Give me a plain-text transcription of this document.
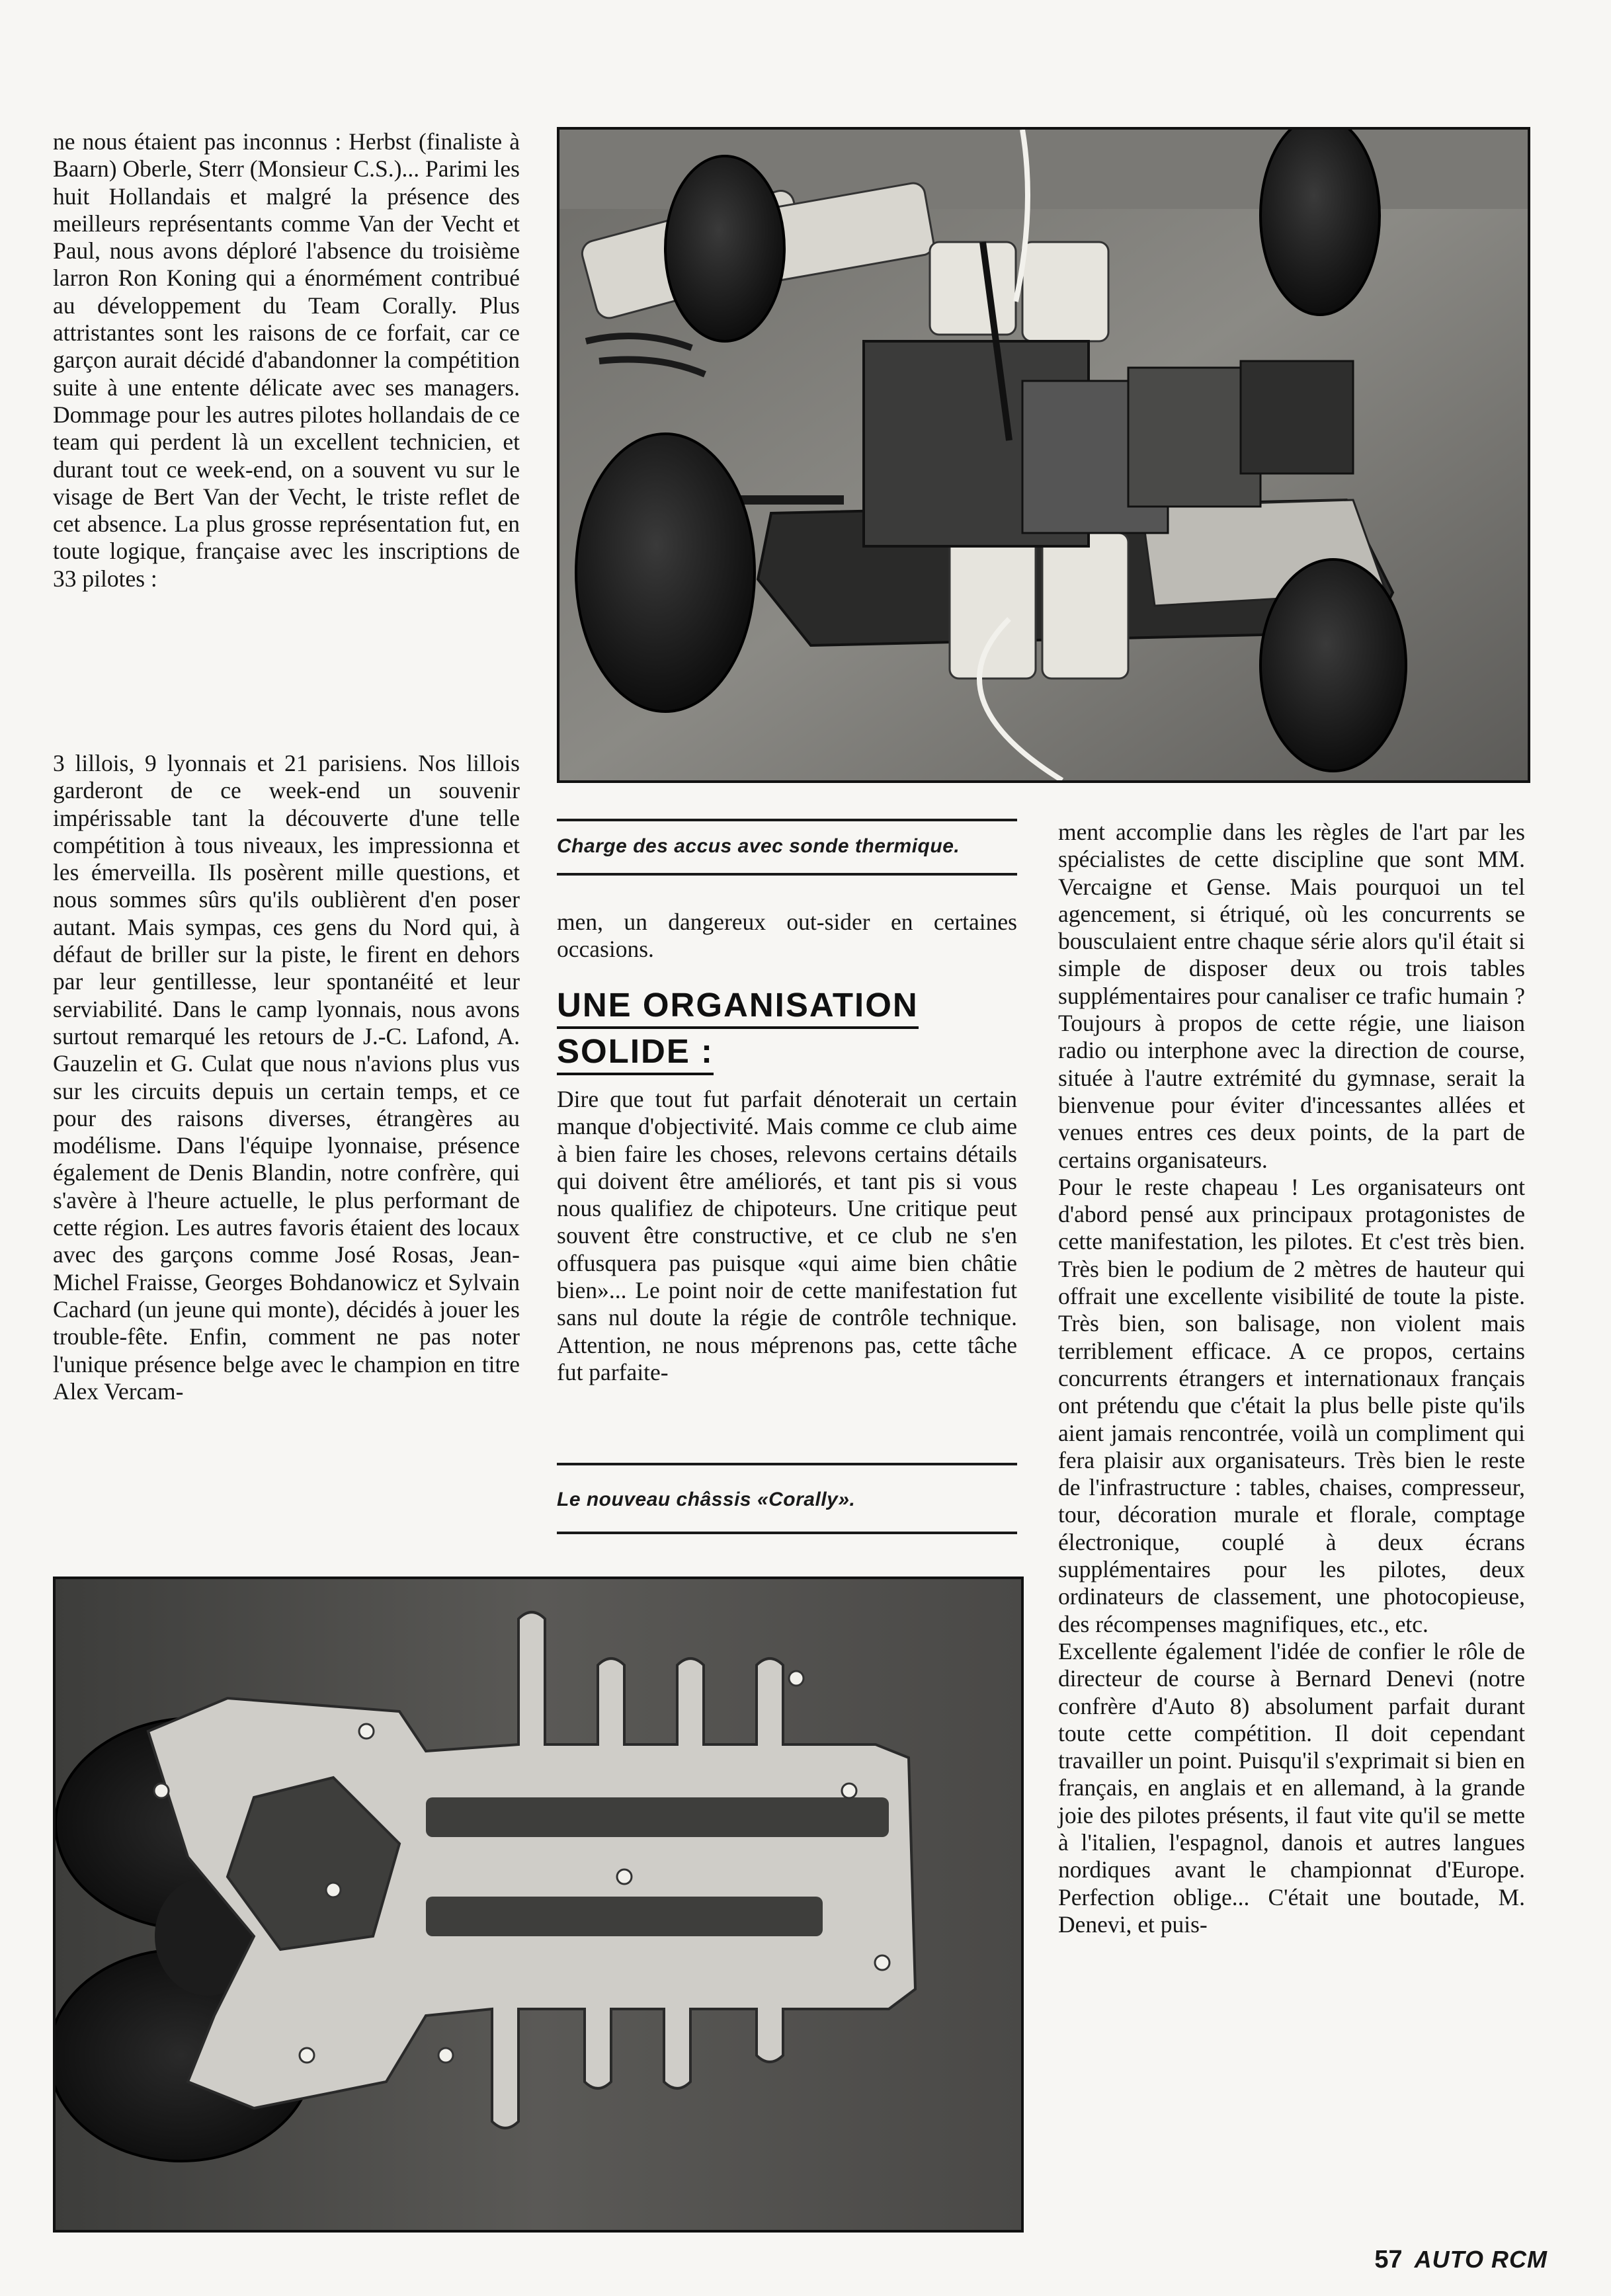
ne nous étaient pas inconnus : Herbst (finaliste à Baarn) Oberle, Sterr (Monsieur C.S.)... Parimi les huit Hollandais et malgré la présence des meilleurs représentants comme Van der Vecht et Paul, nous avons déploré l'absence du troisième larron Ron Koning qui a énormément contribué au développement du Team Corally. Plus attristantes sont les raisons de ce forfait, car ce garçon aurait décidé d'abandonner la compétition suite à une entente délicate avec ses managers. Dommage pour les autres pilotes hollandais de ce team qui perdent là un excellent technicien, et durant tout ce week-end, on a souvent vu sur le visage de Bert Van der Vecht, le triste reflet de cet absence. La plus grosse représentation fut, en toute logique, française avec les inscriptions de 33 pilotes :

3 lillois, 9 lyonnais et 21 parisiens. Nos lillois garderont de ce week-end un souvenir impérissable tant la découverte d'une telle compétition à tous niveaux, les impressionna et les émerveilla. Ils posèrent mille questions, et nous sommes sûrs qu'ils oublièrent d'en poser autant. Mais sympas, ces gens du Nord qui, à défaut de briller sur la piste, le firent en dehors par leur gentillesse, leur spontanéité et leur serviabilité. Dans le camp lyonnais, nous avons surtout remarqué les retours de J.-C. Lafond, A. Gauzelin et G. Culat que nous n'avions plus vus sur les circuits depuis un certain temps, et ce pour des raisons diverses, étrangères au modélisme. Dans l'équipe lyonnaise, présence également de Denis Blandin, notre confrère, qui s'avère à l'heure actuelle, le plus performant de cette région. Les autres favoris étaient des locaux avec des garçons comme José Rosas, Jean-Michel Fraisse, Georges Bohdanowicz et Sylvain Cachard (un jeune qui monte), décidés à jouer les trouble-fête. Enfin, comment ne pas noter l'unique présence belge avec le champion en titre Alex Vercam-

Charge des accus avec sonde thermique.

men, un dangereux out-sider en certaines occasions.

UNE ORGANISATION
SOLIDE :

Dire que tout fut parfait dénoterait un certain manque d'objectivité. Mais comme ce club aime à bien faire les choses, relevons certains détails qui doivent être améliorés, et tant pis si vous nous qualifiez de chipoteurs. Une critique peut souvent être constructive, et ce club ne s'en offusquera pas puisque «qui aime bien châtie bien»... Le point noir de cette manifestation fut sans nul doute la régie de contrôle technique. Attention, ne nous méprenons pas, cette tâche fut parfaite-

Le nouveau châssis «Corally».

ment accomplie dans les règles de l'art par les spécialistes de cette discipline que sont MM. Vercaigne et Gense. Mais pourquoi un tel agencement, si étriqué, où les concurrents se bousculaient entre chaque série alors qu'il était si simple de disposer deux ou trois tables supplémentaires pour canaliser ce trafic humain ? Toujours à propos de cette régie, une liaison radio ou interphone avec la direction de course, située à l'autre extrémité du gymnase, serait la bienvenue pour éviter d'incessantes allées et venues entres ces deux points, de la part de certains organisateurs.

Pour le reste chapeau ! Les organisateurs ont d'abord pensé aux principaux protagonistes de cette manifestation, les pilotes. Et c'est très bien. Très bien le podium de 2 mètres de hauteur qui offrait une excellente visibilité de toute la piste. Très bien, son balisage, non violent mais terriblement efficace. A ce propos, certains concurrents étrangers et internationaux français ont prétendu que c'était la plus belle piste qu'ils aient jamais rencontrée, voilà un compliment qui fera plaisir aux organisateurs. Très bien le reste de l'infrastructure : tables, chaises, compresseur, tour, décoration murale et florale, comptage électronique, couplé à deux écrans supplémentaires pour les pilotes, deux ordinateurs de classement, une photocopieuse, des récompenses magnifiques, etc., etc.

Excellente également l'idée de confier le rôle de directeur de course à Bernard Denevi (notre confrère d'Auto 8) absolument parfait durant toute cette compétition. Il doit cependant travailler un point. Puisqu'il s'exprimait si bien en français, en anglais et en allemand, à la grande joie des pilotes présents, il faut vite qu'il se mette à l'italien, l'espagnol, danois et autres langues nordiques avant le championnat d'Europe. Perfection oblige... C'était une boutade, M. Denevi, et puis-

57 AUTO RCM
